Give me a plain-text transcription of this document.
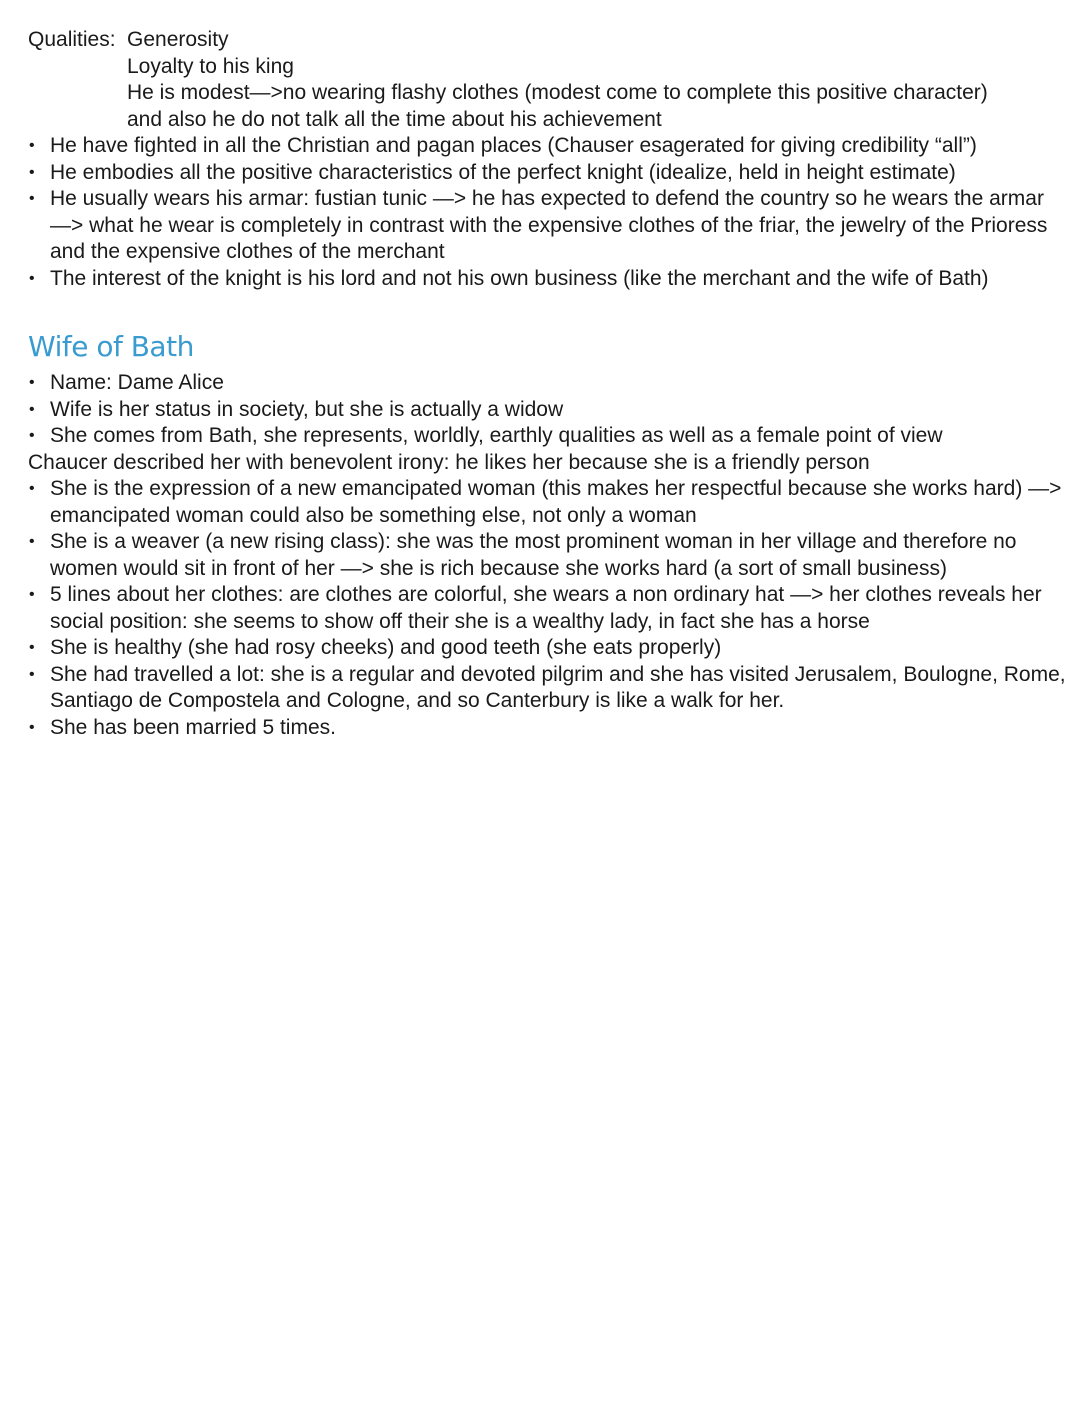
Qualities: Generosity
Loyalty to his king
He is modest—>no wearing flashy clothes (modest come to complete this positive character)
and also he do not talk all the time about his achievement
• He have fighted in all the Christian and pagan places (Chauser esagerated for giving credibility “all”)
• He embodies all the positive characteristics of the perfect knight (idealize, held in height estimate)
• He usually wears his armar: fustian tunic —> he has expected to defend the country so he wears the armar —> what he wear is completely in contrast with the expensive clothes of the friar, the jewelry of the Prioress and the expensive clothes of the merchant
• The interest of the knight is his lord and not his own business (like the merchant and the wife of Bath)
Wife of Bath
• Name: Dame Alice
• Wife is her status in society, but she is actually a widow
• She comes from Bath, she represents, worldly, earthly qualities as well as a female point of view
Chaucer described her with benevolent irony: he likes her because she is a friendly person
• She is the expression of a new emancipated woman (this makes her respectful because she works hard) —> emancipated woman could also be something else, not only a woman
• She is a weaver (a new rising class): she was the most prominent woman in her village and therefore no women would sit in front of her —> she is rich because she works hard (a sort of small business)
• 5 lines about her clothes: are clothes are colorful, she wears a non ordinary hat —> her clothes reveals her social position: she seems to show off their she is a wealthy lady, in fact she has a horse
• She is healthy (she had rosy cheeks) and good teeth (she eats properly)
• She had travelled a lot: she is a regular and devoted pilgrim and she has visited Jerusalem, Boulogne, Rome, Santiago de Compostela and Cologne, and so Canterbury is like a walk for her.
• She has been married 5 times.
